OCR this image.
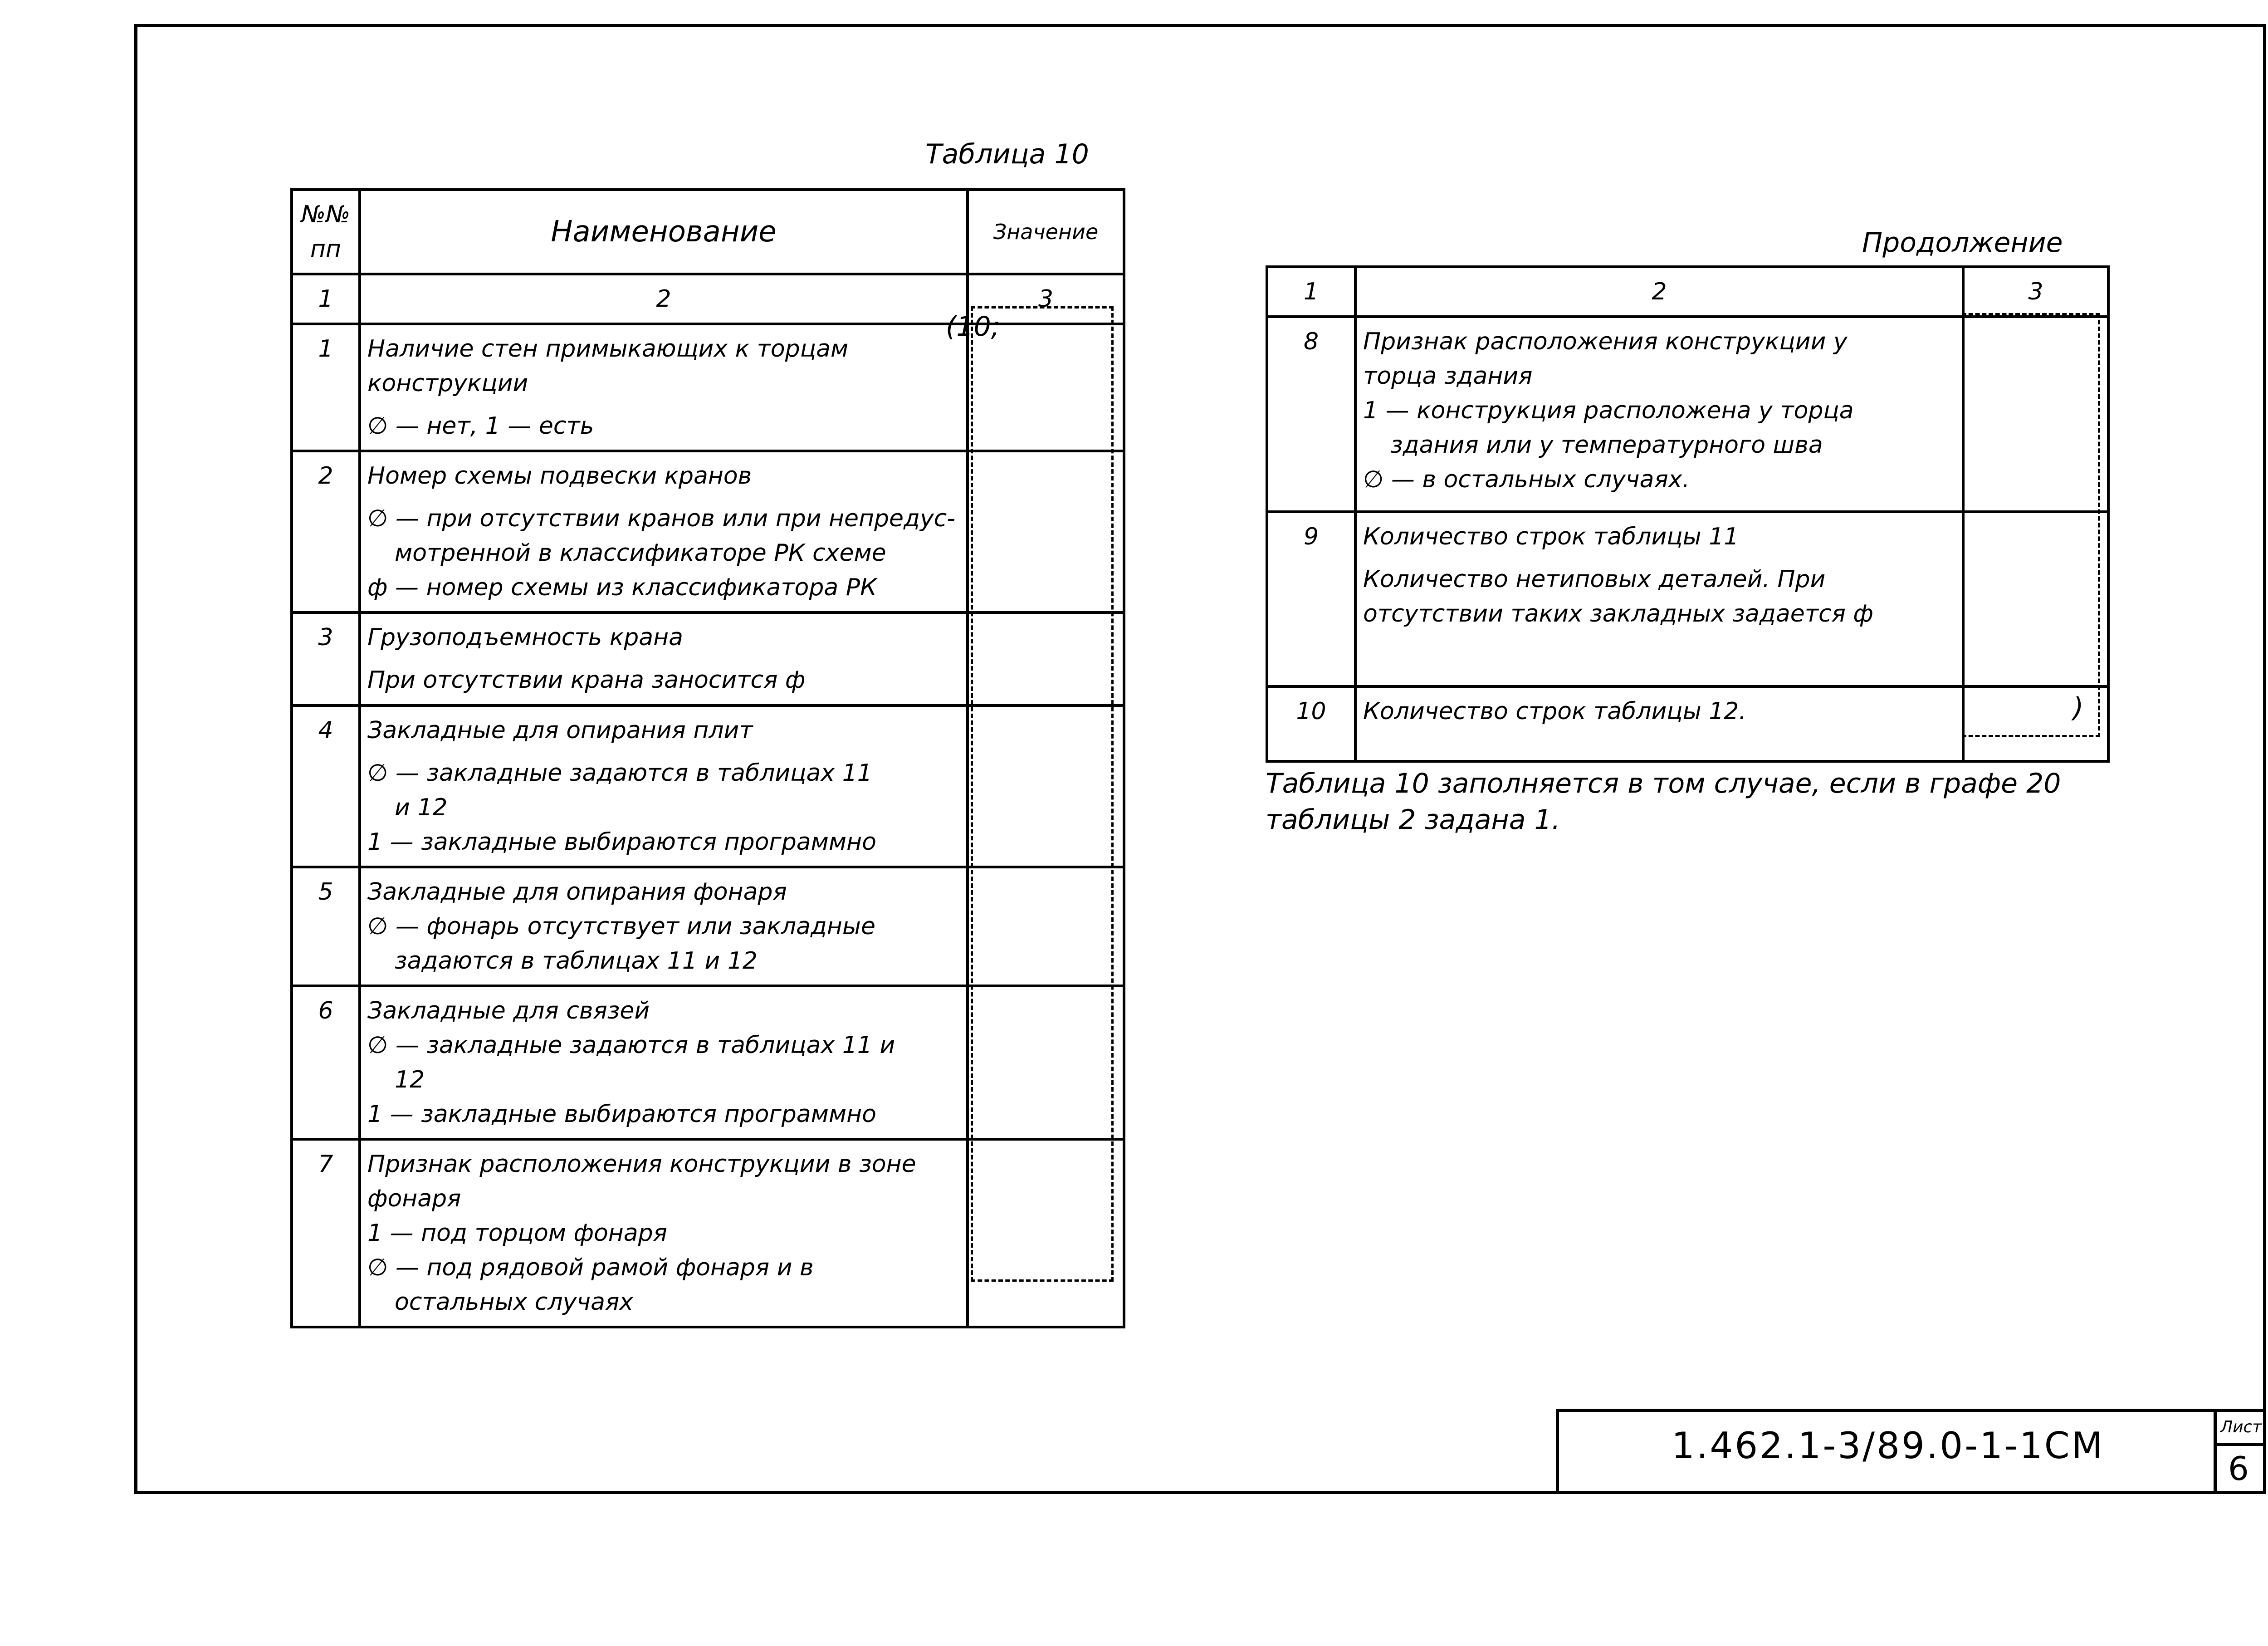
Таблица 10
№№ пп	Наименование	Значение
1	2	3
1	Наличие стен примыкающих к торцам
конструкции
∅ — нет, 1 — есть	

2	Номер схемы подвески кранов
∅ — при отсутствии кранов или при непредус-
мотренной в классификаторе РК схеме
ф — номер схемы из классификатора РК	

3	Грузоподъемность крана
При отсутствии крана заносится ф	

4	Закладные для опирания плит
∅ — закладные задаются в таблицах 11
и 12
1 — закладные выбираются программно	

5	Закладные для опирания фонаря
∅ — фонарь отсутствует или закладные
задаются в таблицах 11 и 12	

6	Закладные для связей
∅ — закладные задаются в таблицах 11 и
12
1 — закладные выбираются программно	

7	Признак расположения конструкции в зоне
фонаря
1 — под торцом фонаря
∅ — под рядовой рамой фонаря и в
остальных случаях	

(10;
Продолжение
1	2	3
8	Признак расположения конструкции у
торца здания
1 — конструкция расположена у торца
здания или у температурного шва
∅ — в остальных случаях.	

9	Количество строк таблицы 11
Количество нетиповых деталей. При
отсутствии таких закладных задается ф	

10	Количество строк таблицы 12.	
		)
Таблица 10 заполняется в том случае, если в графе 20
таблицы 2 задана 1.
1.462.1-3/89.0-1-1СМ	Лист
6
